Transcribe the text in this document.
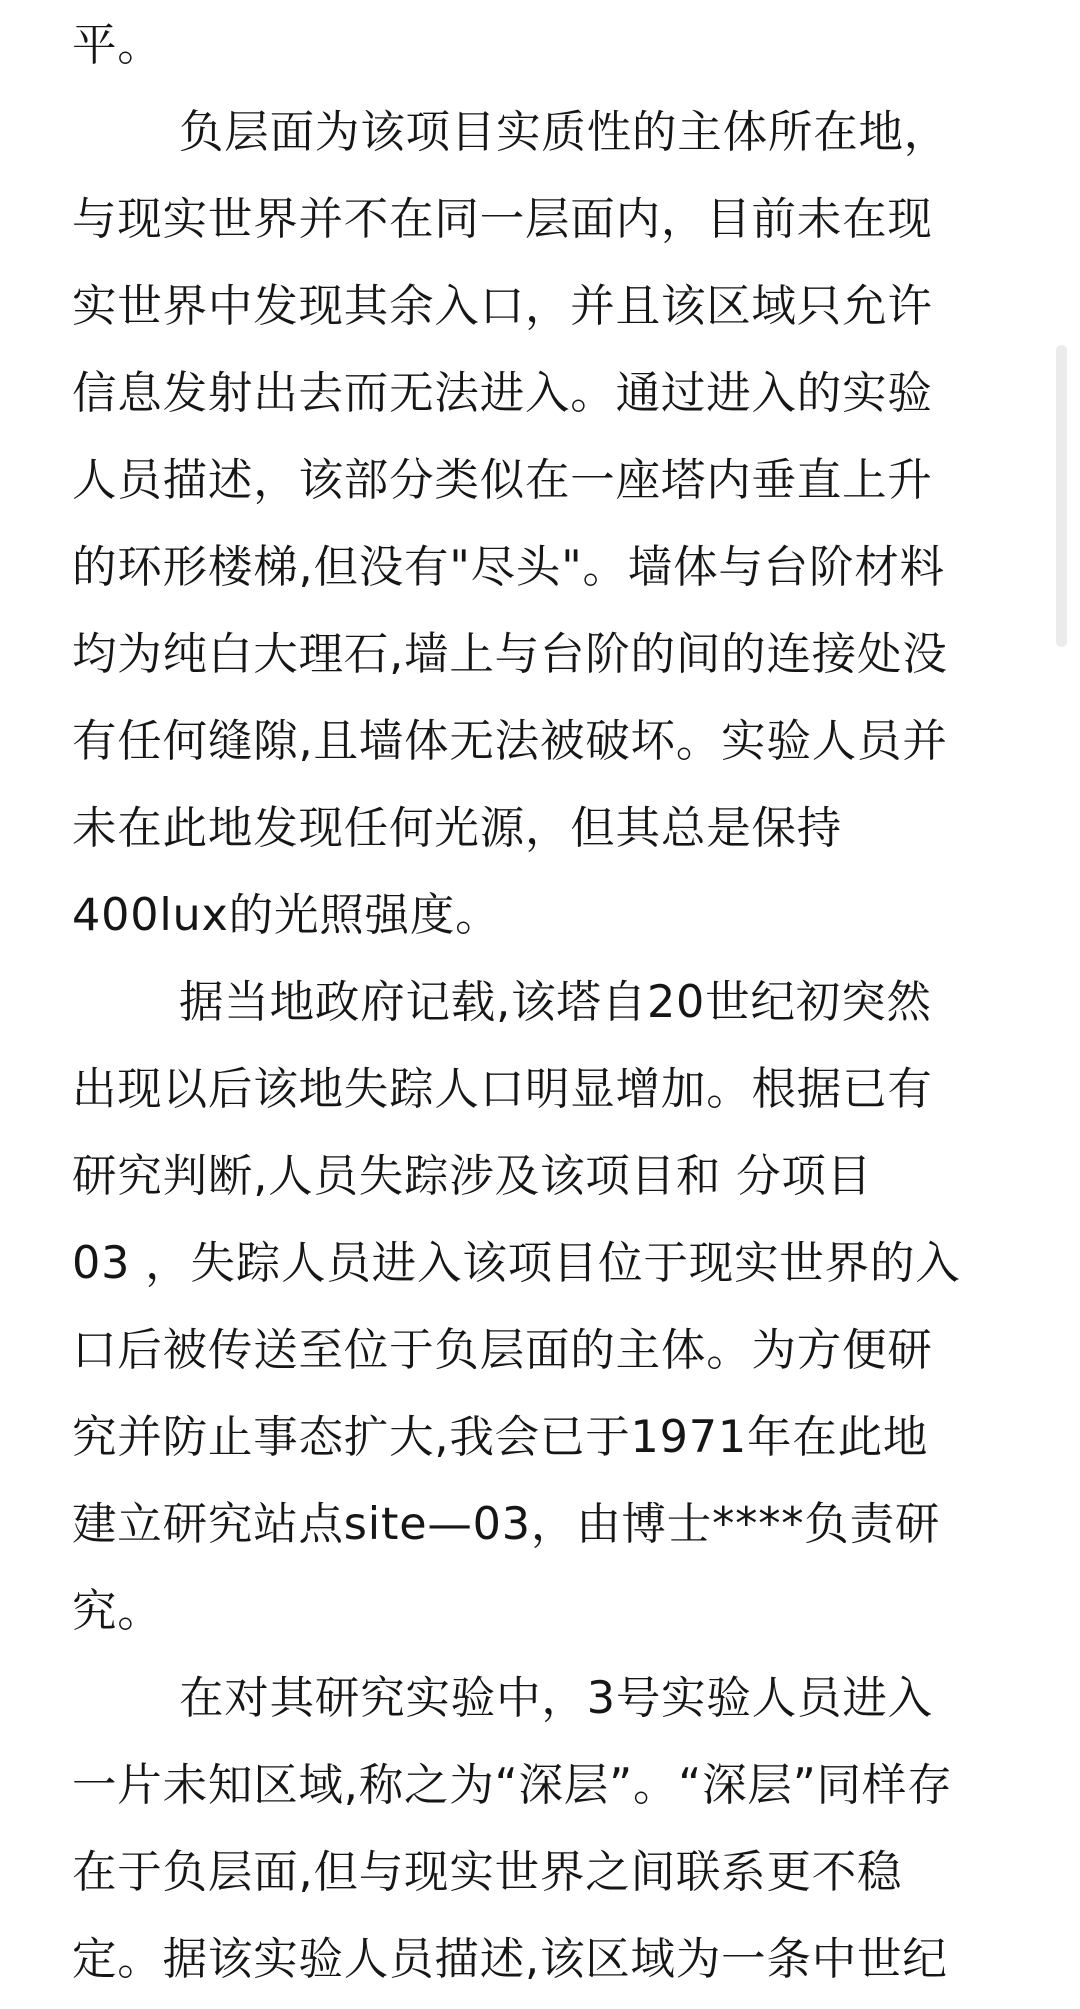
平。
负层面为该项目实质性的主体所在地，
与现实世界并不在同一层面内，目前未在现
实世界中发现其余入口，并且该区域只允许
信息发射出去而无法进入。通过进入的实验
人员描述，该部分类似在一座塔内垂直上升
的环形楼梯,但没有"尽头"。墙体与台阶材料
均为纯白大理石,墙上与台阶的间的连接处没
有任何缝隙,且墙体无法被破坏。实验人员并
未在此地发现任何光源，但其总是保持
400lux的光照强度。
据当地政府记载,该塔自20世纪初突然
出现以后该地失踪人口明显增加。根据已有
研究判断,人员失踪涉及该项目和 分项目
03 ，失踪人员进入该项目位于现实世界的入
口后被传送至位于负层面的主体。为方便研
究并防止事态扩大,我会已于1971年在此地
建立研究站点site—03，由博士****负责研
究。
在对其研究实验中，3号实验人员进入
一片未知区域,称之为“深层”。“深层”同样存
在于负层面,但与现实世界之间联系更不稳
定。据该实验人员描述,该区域为一条中世纪
